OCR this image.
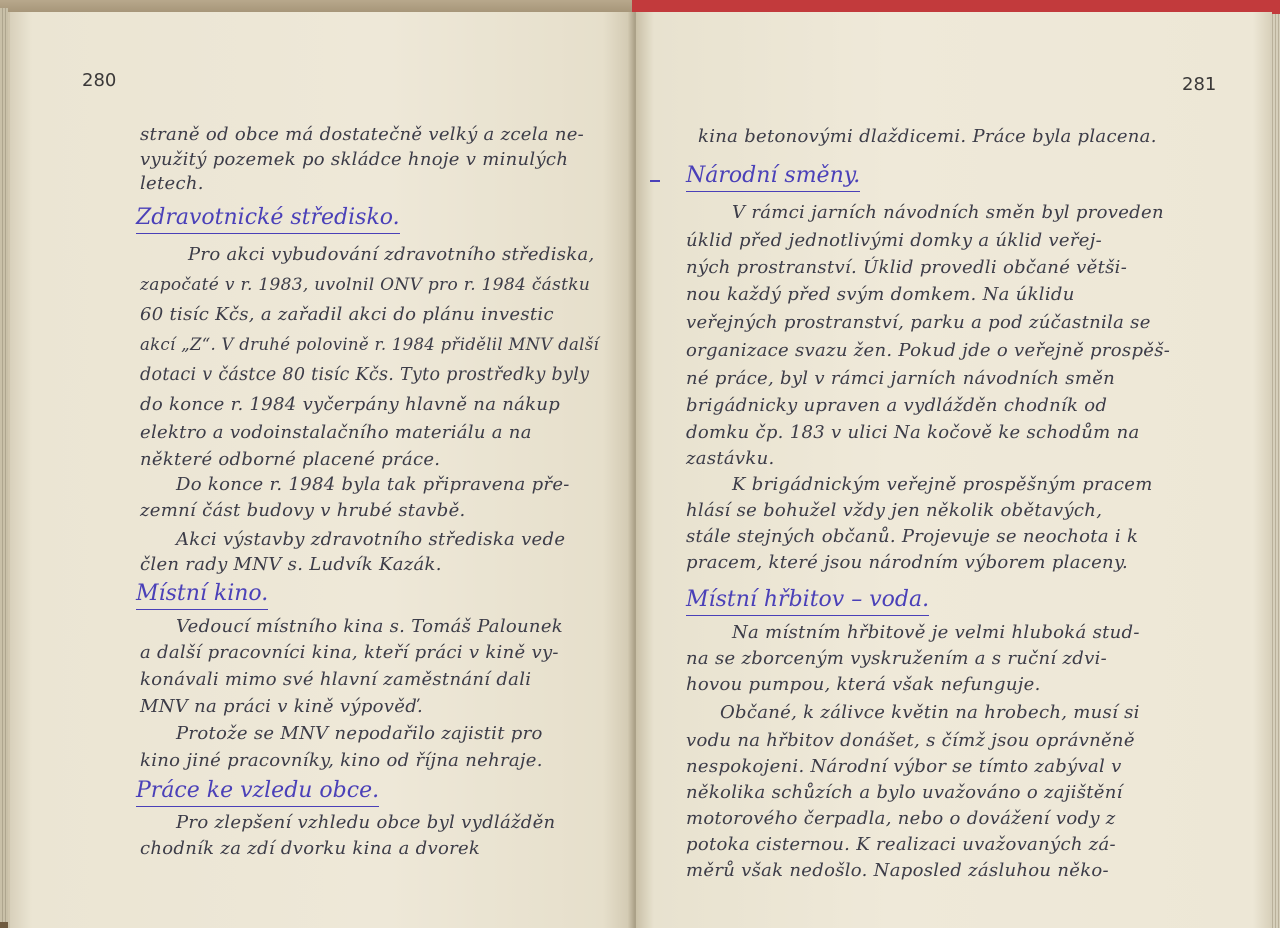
280
straně od obce má dostatečně velký a zcela ne-
využitý pozemek po skládce hnoje v minulých
letech.
Zdravotnické středisko.
Pro akci vybudování zdravotního střediska,
započaté v r. 1983, uvolnil ONV pro r. 1984 částku
60 tisíc Kčs, a zařadil akci do plánu investic
akcí „Z“. V druhé polovině r. 1984 přidělil MNV další
dotaci v částce 80 tisíc Kčs. Tyto prostředky byly
do konce r. 1984 vyčerpány hlavně na nákup
elektro a vodoinstalačního materiálu a na
některé odborné placené práce.
Do konce r. 1984 byla tak připravena pře-
zemní část budovy v hrubé stavbě.
Akci výstavby zdravotního střediska vede
člen rady MNV s. Ludvík Kazák.
Místní kino.
Vedoucí místního kina s. Tomáš Palounek
a další pracovníci kina, kteří práci v kině vy-
konávali mimo své hlavní zaměstnání dali
MNV na práci v kině výpověď.
Protože se MNV nepodařilo zajistit pro
kino jiné pracovníky, kino od října nehraje.
Práce ke vzledu obce.
Pro zlepšení vzhledu obce byl vydlážděn
chodník za zdí dvorku kina a dvorek
281
kina betonovými dlaždicemi. Práce byla placena.
Národní směny.
V rámci jarních návodních směn byl proveden
úklid před jednotlivými domky a úklid veřej-
ných prostranství. Úklid provedli občané větši-
nou každý před svým domkem. Na úklidu
veřejných prostranství, parku a pod zúčastnila se
organizace svazu žen. Pokud jde o veřejně prospěš-
né práce, byl v rámci jarních návodních směn
brigádnicky upraven a vydlážděn chodník od
domku čp. 183 v ulici Na kočově ke schodům na
zastávku.
K brigádnickým veřejně prospěšným pracem
hlásí se bohužel vždy jen několik obětavých,
stále stejných občanů. Projevuje se neochota i k
pracem, které jsou národním výborem placeny.
Místní hřbitov – voda.
Na místním hřbitově je velmi hluboká stud-
na se zborceným vyskružením a s ruční zdvi-
hovou pumpou, která však nefunguje.
Občané, k zálivce květin na hrobech, musí si
vodu na hřbitov donášet, s čímž jsou oprávněně
nespokojeni. Národní výbor se tímto zabýval v
několika schůzích a bylo uvažováno o zajištění
motorového čerpadla, nebo o dovážení vody z
potoka cisternou. K realizaci uvažovaných zá-
měrů však nedošlo. Naposled zásluhou něko-
